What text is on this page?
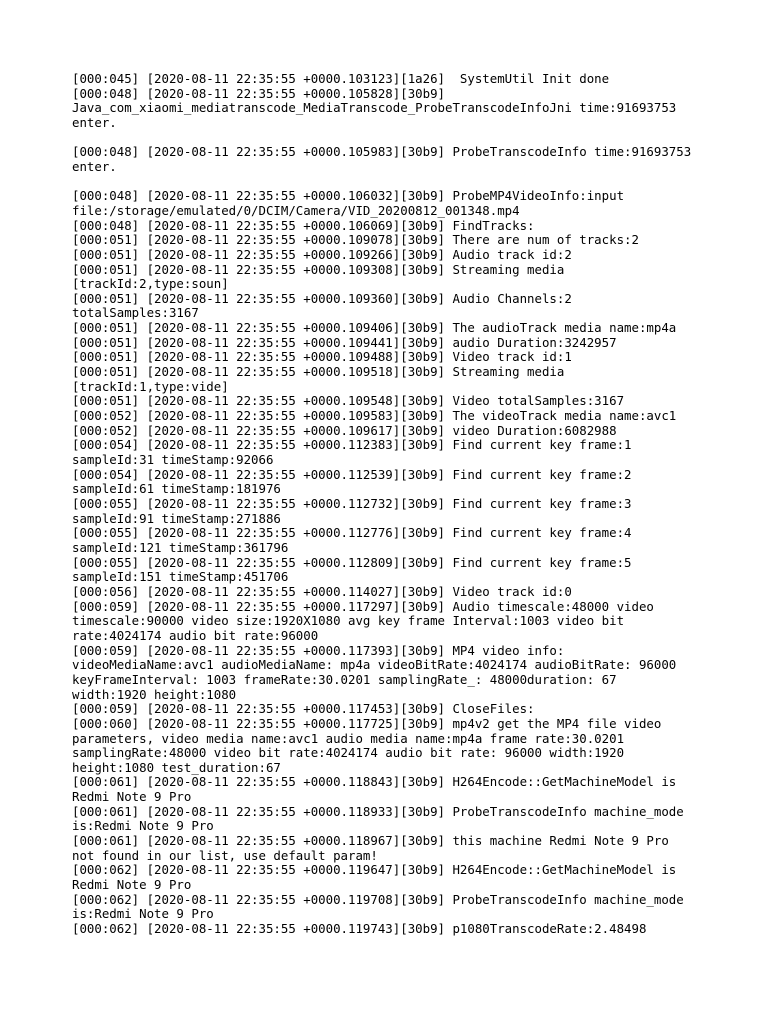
[000:045] [2020-08-11 22:35:55 +0000.103123][1a26]  SystemUtil Init done
[000:048] [2020-08-11 22:35:55 +0000.105828][30b9]
Java_com_xiaomi_mediatranscode_MediaTranscode_ProbeTranscodeInfoJni time:91693753
enter.
[000:048] [2020-08-11 22:35:55 +0000.105983][30b9] ProbeTranscodeInfo time:91693753
enter.
[000:048] [2020-08-11 22:35:55 +0000.106032][30b9] ProbeMP4VideoInfo:input
file:/storage/emulated/0/DCIM/Camera/VID_20200812_001348.mp4
[000:048] [2020-08-11 22:35:55 +0000.106069][30b9] FindTracks:
[000:051] [2020-08-11 22:35:55 +0000.109078][30b9] There are num of tracks:2
[000:051] [2020-08-11 22:35:55 +0000.109266][30b9] Audio track id:2
[000:051] [2020-08-11 22:35:55 +0000.109308][30b9] Streaming media
[trackId:2,type:soun]
[000:051] [2020-08-11 22:35:55 +0000.109360][30b9] Audio Channels:2
totalSamples:3167
[000:051] [2020-08-11 22:35:55 +0000.109406][30b9] The audioTrack media name:mp4a
[000:051] [2020-08-11 22:35:55 +0000.109441][30b9] audio Duration:3242957
[000:051] [2020-08-11 22:35:55 +0000.109488][30b9] Video track id:1
[000:051] [2020-08-11 22:35:55 +0000.109518][30b9] Streaming media
[trackId:1,type:vide]
[000:051] [2020-08-11 22:35:55 +0000.109548][30b9] Video totalSamples:3167
[000:052] [2020-08-11 22:35:55 +0000.109583][30b9] The videoTrack media name:avc1
[000:052] [2020-08-11 22:35:55 +0000.109617][30b9] video Duration:6082988
[000:054] [2020-08-11 22:35:55 +0000.112383][30b9] Find current key frame:1
sampleId:31 timeStamp:92066
[000:054] [2020-08-11 22:35:55 +0000.112539][30b9] Find current key frame:2
sampleId:61 timeStamp:181976
[000:055] [2020-08-11 22:35:55 +0000.112732][30b9] Find current key frame:3
sampleId:91 timeStamp:271886
[000:055] [2020-08-11 22:35:55 +0000.112776][30b9] Find current key frame:4
sampleId:121 timeStamp:361796
[000:055] [2020-08-11 22:35:55 +0000.112809][30b9] Find current key frame:5
sampleId:151 timeStamp:451706
[000:056] [2020-08-11 22:35:55 +0000.114027][30b9] Video track id:0
[000:059] [2020-08-11 22:35:55 +0000.117297][30b9] Audio timescale:48000 video
timescale:90000 video size:1920X1080 avg key frame Interval:1003 video bit
rate:4024174 audio bit rate:96000
[000:059] [2020-08-11 22:35:55 +0000.117393][30b9] MP4 video info:
videoMediaName:avc1 audioMediaName: mp4a videoBitRate:4024174 audioBitRate: 96000
keyFrameInterval: 1003 frameRate:30.0201 samplingRate_: 48000duration: 67
width:1920 height:1080
[000:059] [2020-08-11 22:35:55 +0000.117453][30b9] CloseFiles:
[000:060] [2020-08-11 22:35:55 +0000.117725][30b9] mp4v2 get the MP4 file video
parameters, video media name:avc1 audio media name:mp4a frame rate:30.0201
samplingRate:48000 video bit rate:4024174 audio bit rate: 96000 width:1920
height:1080 test_duration:67
[000:061] [2020-08-11 22:35:55 +0000.118843][30b9] H264Encode::GetMachineModel is
Redmi Note 9 Pro
[000:061] [2020-08-11 22:35:55 +0000.118933][30b9] ProbeTranscodeInfo machine_mode
is:Redmi Note 9 Pro
[000:061] [2020-08-11 22:35:55 +0000.118967][30b9] this machine Redmi Note 9 Pro
not found in our list, use default param!
[000:062] [2020-08-11 22:35:55 +0000.119647][30b9] H264Encode::GetMachineModel is
Redmi Note 9 Pro
[000:062] [2020-08-11 22:35:55 +0000.119708][30b9] ProbeTranscodeInfo machine_mode
is:Redmi Note 9 Pro
[000:062] [2020-08-11 22:35:55 +0000.119743][30b9] p1080TranscodeRate:2.48498
